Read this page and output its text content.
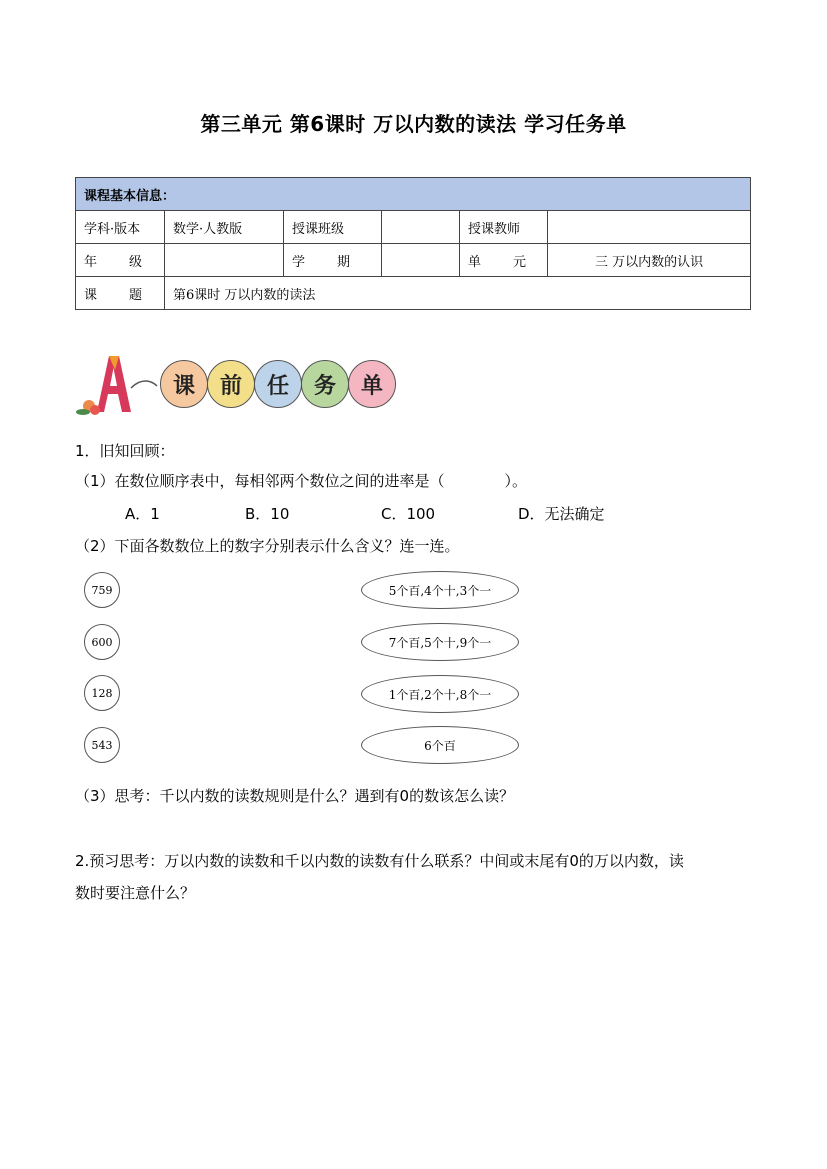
第三单元 第6课时 万以内数的读法 学习任务单
课程基本信息：					
学科·版本	数学·人教版	授课班级		授课教师	
年　　级		学　　期		单　　元	三 万以内数的认识
课　　题	第6课时 万以内数的读法				
课	前	任	务	单
1．旧知回顾：
（1）在数位顺序表中，每相邻两个数位之间的进率是（　　　　）。
A．1	B．10	C．100	D．无法确定
（2）下面各数数位上的数字分别表示什么含义？连一连。
759
600
128
543
5个百,4个十,3个一
7个百,5个十,9个一
1个百,2个十,8个一
6个百
（3）思考：千以内数的读数规则是什么？遇到有0的数该怎么读？
2.预习思考：万以内数的读数和千以内数的读数有什么联系？中间或末尾有0的万以内数，读
数时要注意什么？
